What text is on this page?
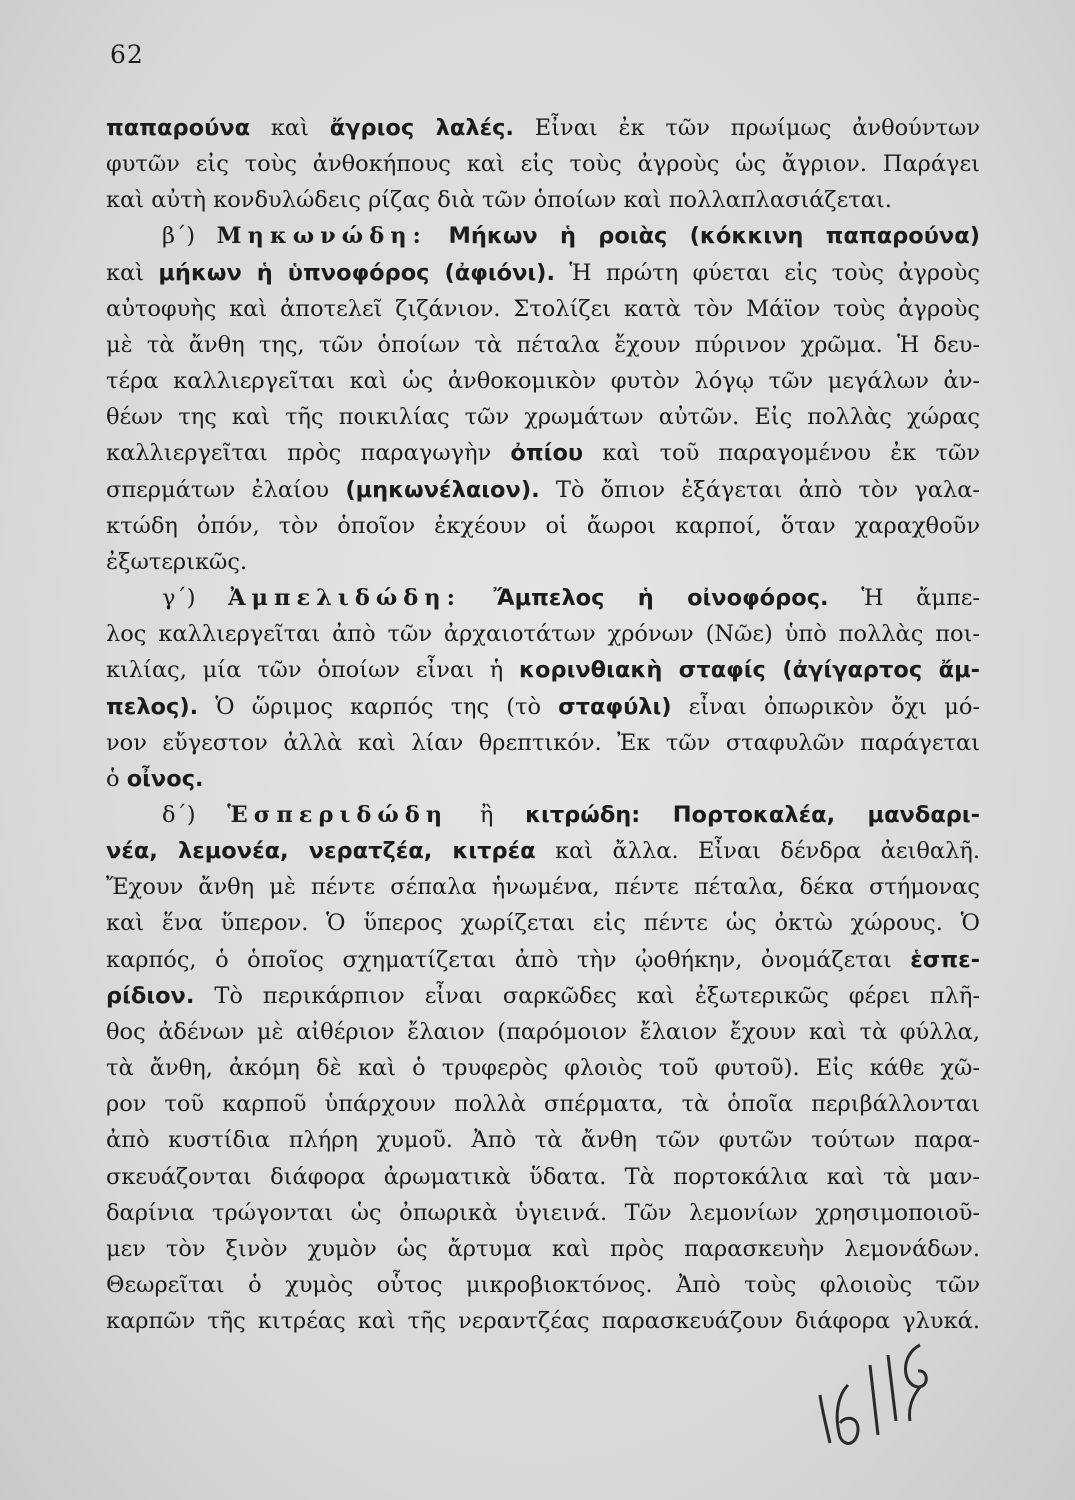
62
παπαρούνα καὶ ἄγριος λαλές. Εἶναι ἐκ τῶν πρωίμως ἀνθούντων
φυτῶν εἰς τοὺς ἀνθοκήπους καὶ εἰς τοὺς ἀγροὺς ὡς ἄγριον. Παράγει
καὶ αὐτὴ κονδυλώδεις ρίζας διὰ τῶν ὁποίων καὶ πολλαπλασιάζεται.
β΄) Μηκωνώδη: Μήκων ἡ ροιὰς (κόκκινη παπαρούνα)
καὶ μήκων ἡ ὑπνοφόρος (ἀφιόνι). Ἡ πρώτη φύεται εἰς τοὺς ἀγροὺς
αὐτοφυὴς καὶ ἀποτελεῖ ζιζάνιον. Στολίζει κατὰ τὸν Μάϊον τοὺς ἀγροὺς
μὲ τὰ ἄνθη της, τῶν ὁποίων τὰ πέταλα ἔχουν πύρινον χρῶμα. Ἡ δευ-
τέρα καλλιεργεῖται καὶ ὡς ἀνθοκομικὸν φυτὸν λόγῳ τῶν μεγάλων ἀν-
θέων της καὶ τῆς ποικιλίας τῶν χρωμάτων αὐτῶν. Εἰς πολλὰς χώρας
καλλιεργεῖται πρὸς παραγωγὴν ὀπίου καὶ τοῦ παραγομένου ἐκ τῶν
σπερμάτων ἐλαίου (μηκωνέλαιον). Τὸ ὄπιον ἐξάγεται ἀπὸ τὸν γαλα-
κτώδη ὀπόν, τὸν ὁποῖον ἐκχέουν οἱ ἄωροι καρποί, ὅταν χαραχθοῦν
ἐξωτερικῶς.
γ΄) Ἀμπελιδώδη: Ἄμπελος ἡ οἰνοφόρος. Ἡ ἄμπε-
λος καλλιεργεῖται ἀπὸ τῶν ἀρχαιοτάτων χρόνων (Νῶε) ὑπὸ πολλὰς ποι-
κιλίας, μία τῶν ὁποίων εἶναι ἡ κορινθιακὴ σταφίς (ἀγίγαρτος ἄμ-
πελος). Ὁ ὥριμος καρπός της (τὸ σταφύλι) εἶναι ὀπωρικὸν ὄχι μό-
νον εὔγεστον ἀλλὰ καὶ λίαν θρεπτικόν. Ἐκ τῶν σταφυλῶν παράγεται
ὁ οἶνος.
δ΄) Ἑσπεριδώδη ἢ κιτρώδη: Πορτοκαλέα, μανδαρι-
νέα, λεμονέα, νερατζέα, κιτρέα καὶ ἄλλα. Εἶναι δένδρα ἀειθαλῆ.
Ἔχουν ἄνθη μὲ πέντε σέπαλα ἡνωμένα, πέντε πέταλα, δέκα στήμονας
καὶ ἕνα ὕπερον. Ὁ ὕπερος χωρίζεται εἰς πέντε ὡς ὀκτὼ χώρους. Ὁ
καρπός, ὁ ὁποῖος σχηματίζεται ἀπὸ τὴν ᾠοθήκην, ὀνομάζεται ἑσπε-
ρίδιον. Τὸ περικάρπιον εἶναι σαρκῶδες καὶ ἐξωτερικῶς φέρει πλῆ-
θος ἀδένων μὲ αἰθέριον ἔλαιον (παρόμοιον ἔλαιον ἔχουν καὶ τὰ φύλλα,
τὰ ἄνθη, ἀκόμη δὲ καὶ ὁ τρυφερὸς φλοιὸς τοῦ φυτοῦ). Εἰς κάθε χῶ-
ρον τοῦ καρποῦ ὑπάρχουν πολλὰ σπέρματα, τὰ ὁποῖα περιβάλλονται
ἀπὸ κυστίδια πλήρη χυμοῦ. Ἀπὸ τὰ ἄνθη τῶν φυτῶν τούτων παρα-
σκευάζονται διάφορα ἀρωματικὰ ὕδατα. Τὰ πορτοκάλια καὶ τὰ μαν-
δαρίνια τρώγονται ὡς ὀπωρικὰ ὑγιεινά. Τῶν λεμονίων χρησιμοποιοῦ-
μεν τὸν ξινὸν χυμὸν ὡς ἄρτυμα καὶ πρὸς παρασκευὴν λεμονάδων.
Θεωρεῖται ὁ χυμὸς οὗτος μικροβιοκτόνος. Ἀπὸ τοὺς φλοιοὺς τῶν
καρπῶν τῆς κιτρέας καὶ τῆς νεραντζέας παρασκευάζουν διάφορα γλυκά.
